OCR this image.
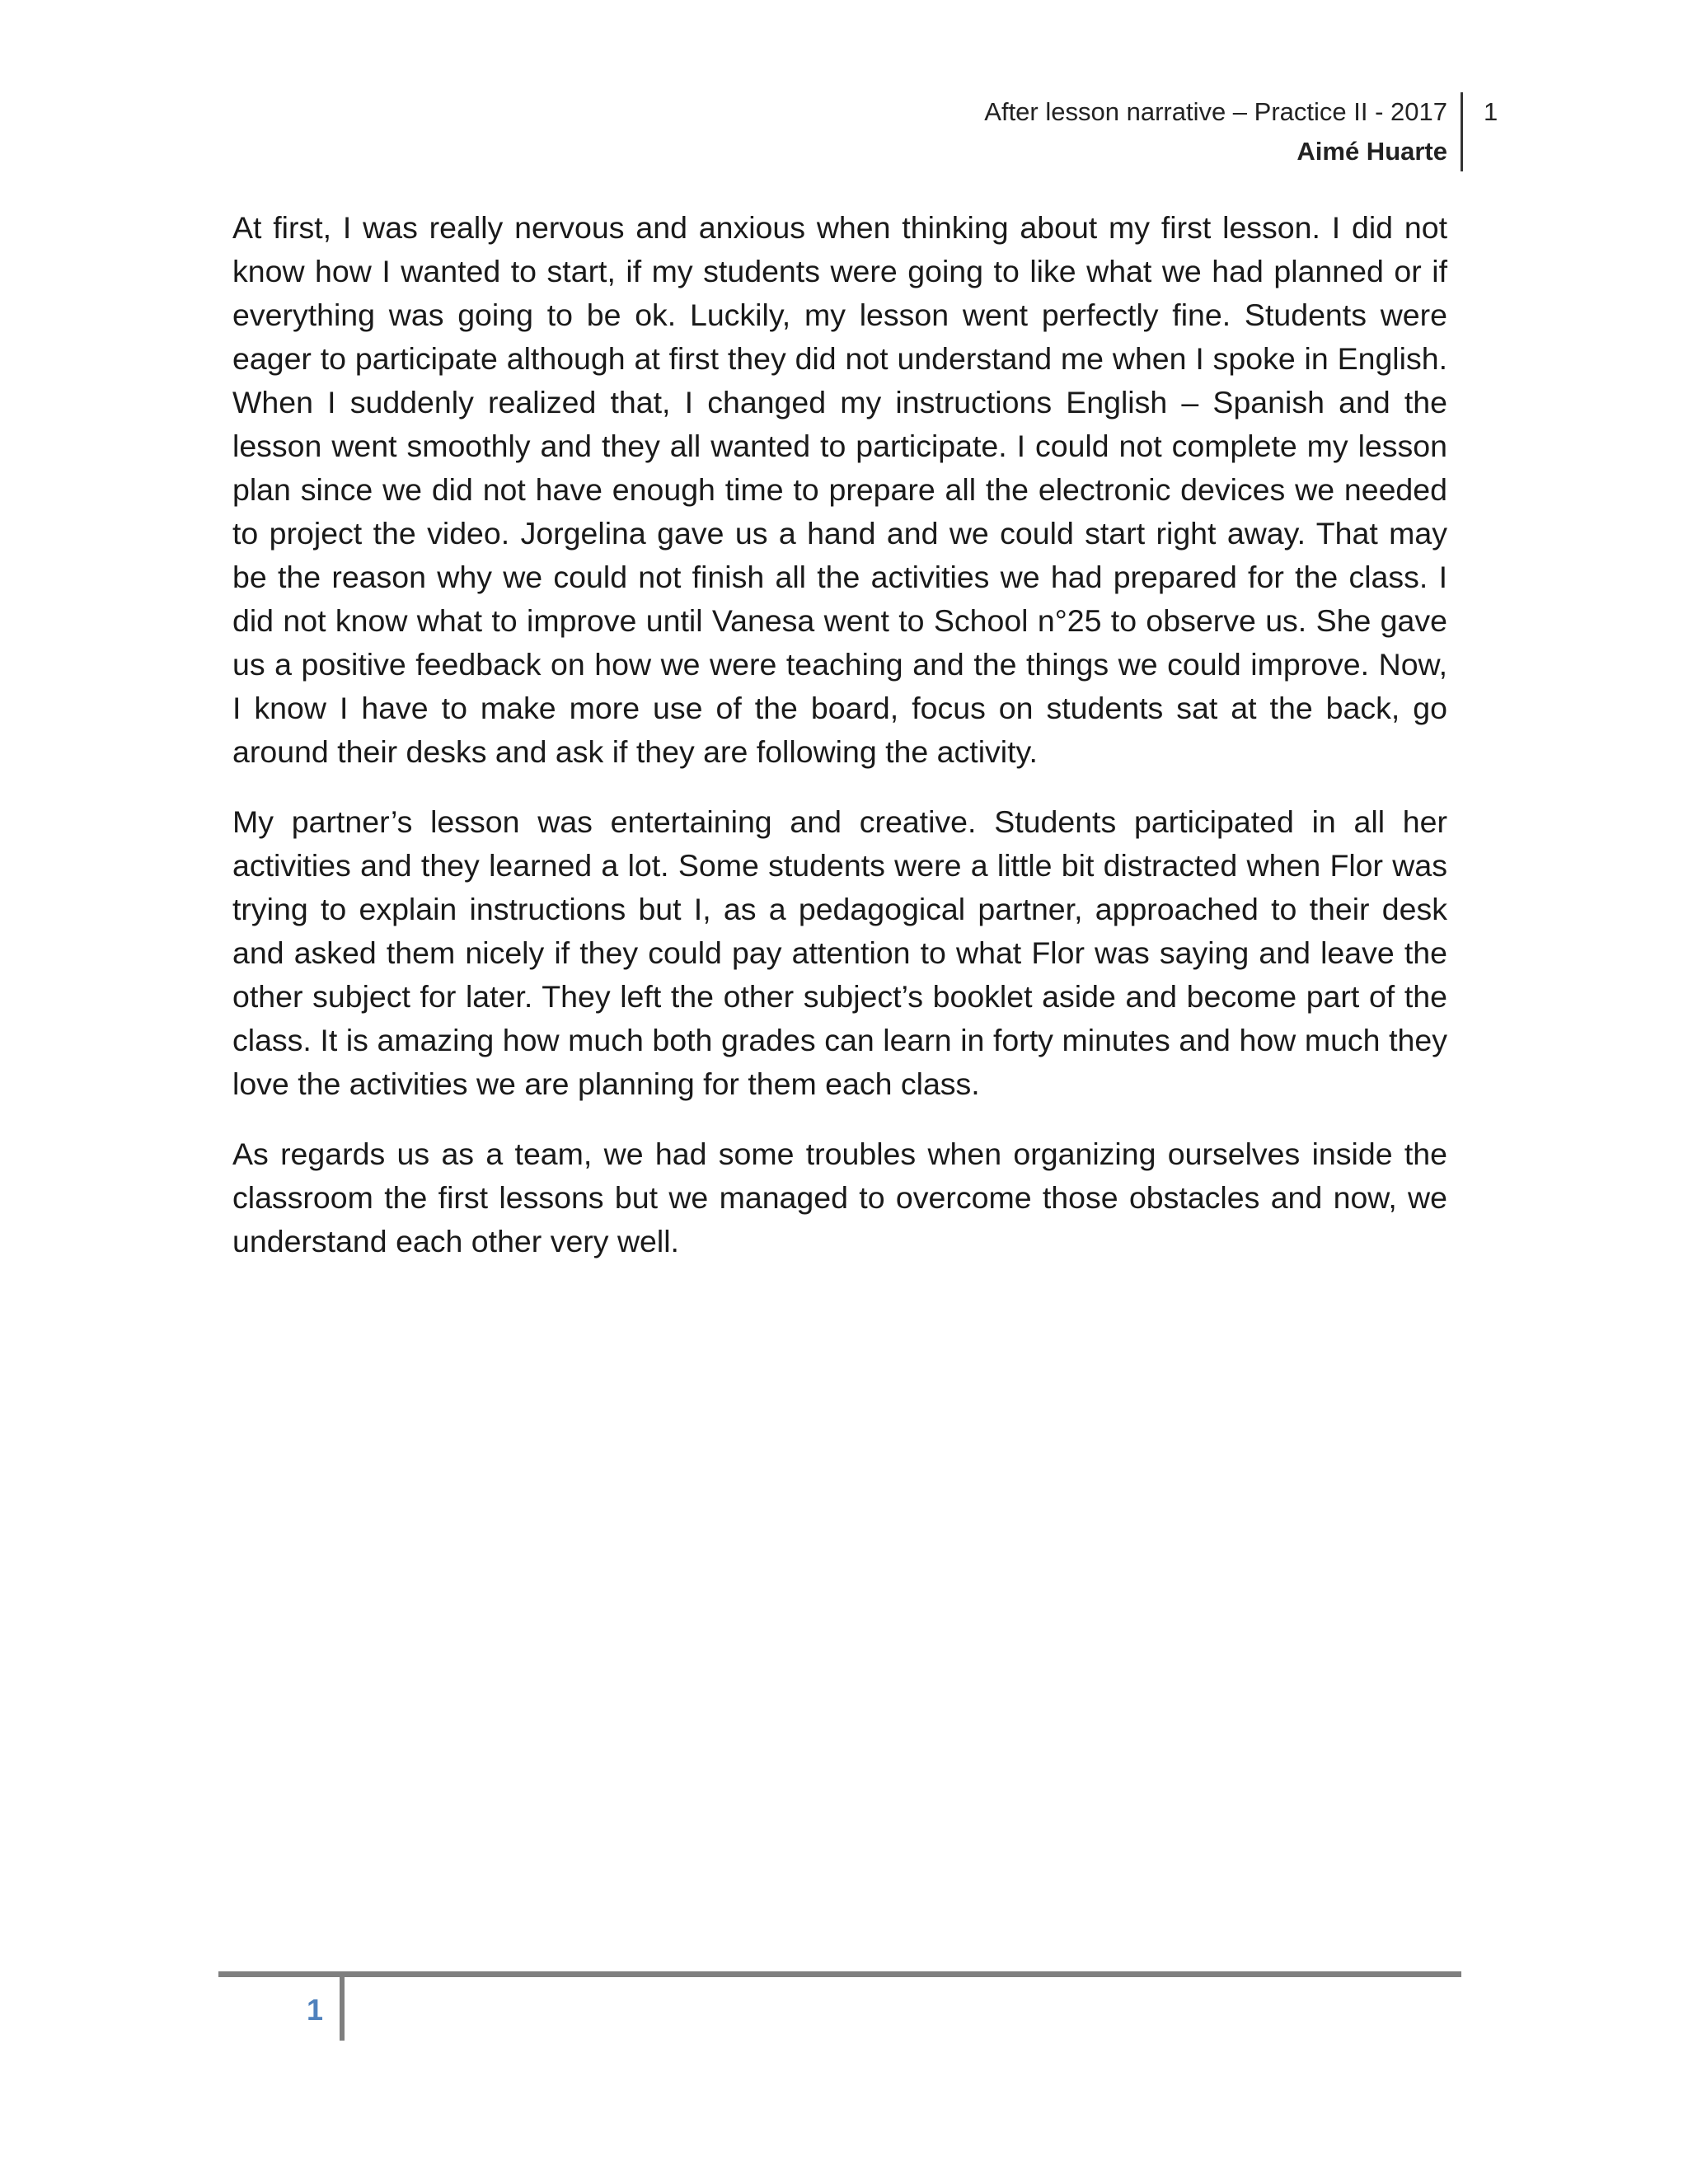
After lesson narrative – Practice II - 2017
Aimé Huarte
1

At first, I was really nervous and anxious when thinking about my first lesson. I did not know how I wanted to start, if my students were going to like what we had planned or if everything was going to be ok. Luckily, my lesson went perfectly fine. Students were eager to participate although at first they did not understand me when I spoke in English. When I suddenly realized that, I changed my instructions English – Spanish and the lesson went smoothly and they all wanted to participate. I could not complete my lesson plan since we did not have enough time to prepare all the electronic devices we needed to project the video. Jorgelina gave us a hand and we could start right away. That may be the reason why we could not finish all the activities we had prepared for the class. I did not know what to improve until Vanesa went to School n°25 to observe us. She gave us a positive feedback on how we were teaching and the things we could improve. Now, I know I have to make more use of the board, focus on students sat at the back, go around their desks and ask if they are following the activity.

My partner’s lesson was entertaining and creative. Students participated in all her activities and they learned a lot. Some students were a little bit distracted when Flor was trying to explain instructions but I, as a pedagogical partner, approached to their desk and asked them nicely if they could pay attention to what Flor was saying and leave the other subject for later. They left the other subject’s booklet aside and become part of the class. It is amazing how much both grades can learn in forty minutes and how much they love the activities we are planning for them each class.

As regards us as a team, we had some troubles when organizing ourselves inside the classroom the first lessons but we managed to overcome those obstacles and now, we understand each other very well.

1
